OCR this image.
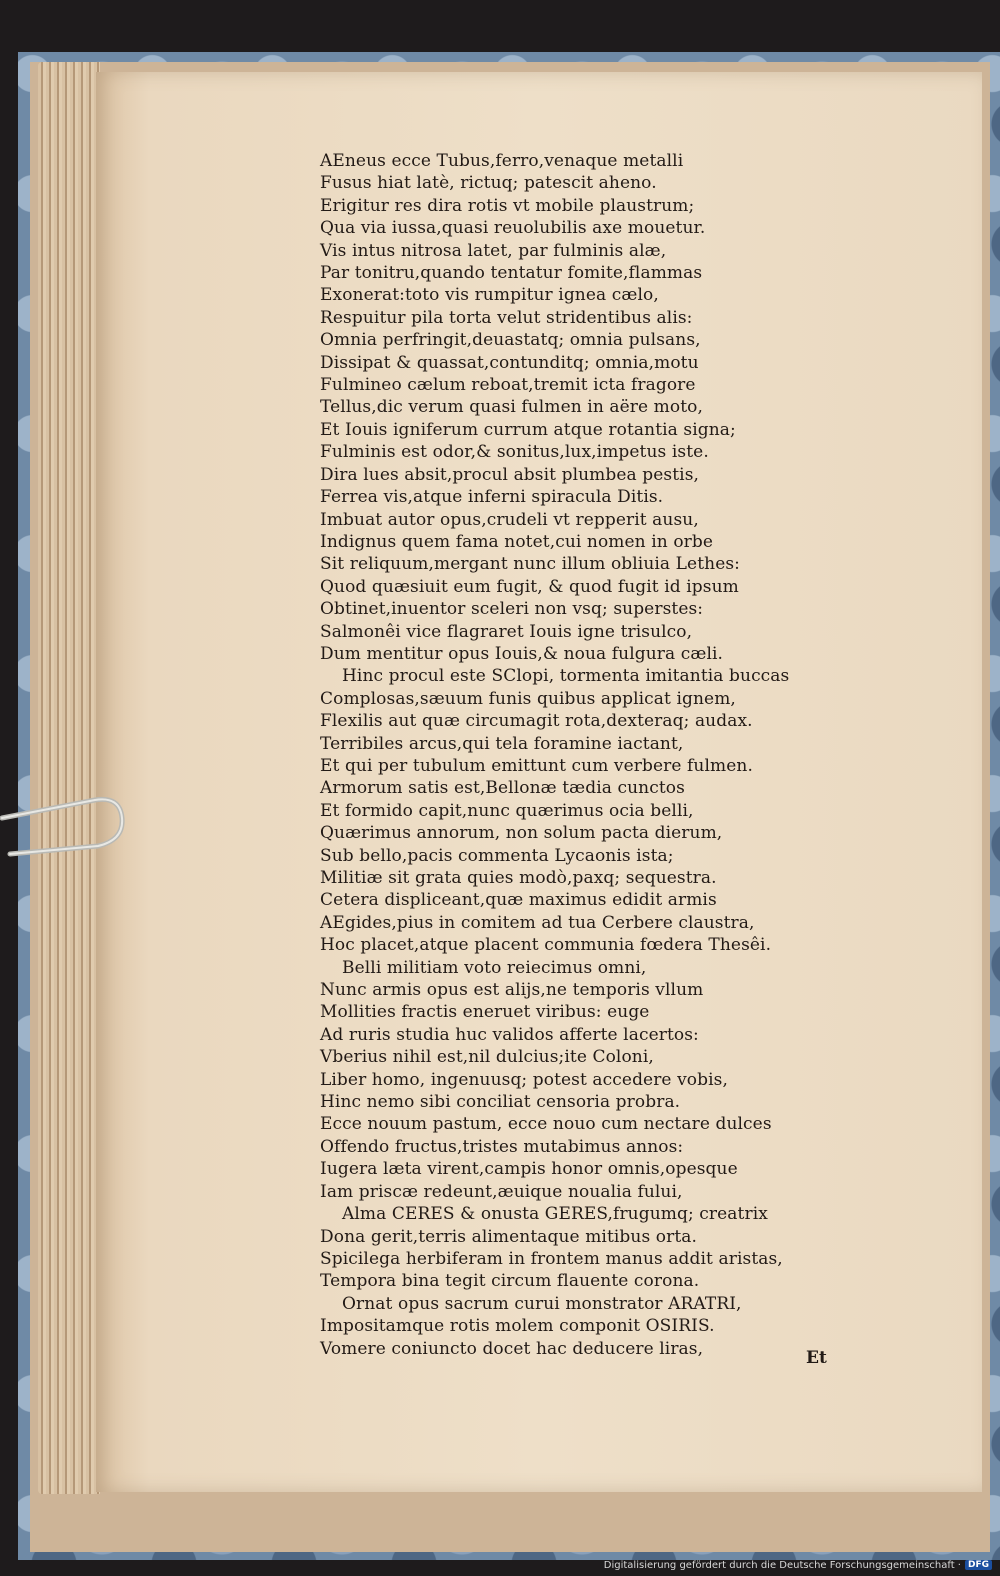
AEneus ecce Tubus,ferro,venaque metalli
Fusus hiat latè, rictuq; patescit aheno.
Erigitur res dira rotis vt mobile plaustrum;
Qua via iussa,quasi reuolubilis axe mouetur.
Vis intus nitrosa latet, par fulminis alæ,
Par tonitru,quando tentatur fomite,flammas
Exonerat:toto vis rumpitur ignea cælo,
Respuitur pila torta velut stridentibus alis:
Omnia perfringit,deuastatq; omnia pulsans,
Dissipat & quassat,contunditq; omnia,motu
Fulmineo cælum reboat,tremit icta fragore
Tellus,dic verum quasi fulmen in aëre moto,
Et Iouis igniferum currum atque rotantia signa;
Fulminis est odor,& sonitus,lux,impetus iste.
Dira lues absit,procul absit plumbea pestis,
Ferrea vis,atque inferni spiracula Ditis.
Imbuat autor opus,crudeli vt repperit ausu,
Indignus quem fama notet,cui nomen in orbe
Sit reliquum,mergant nunc illum obliuia Lethes:
Quod quæsiuit eum fugit, & quod fugit id ipsum
Obtinet,inuentor sceleri non vsq; superstes:
Salmonêi vice flagraret Iouis igne trisulco,
Dum mentitur opus Iouis,& noua fulgura cæli.
Hinc procul este SClopi, tormenta imitantia buccas
Complosas,sæuum funis quibus applicat ignem,
Flexilis aut quæ circumagit rota,dexteraq; audax.
Terribiles arcus,qui tela foramine iactant,
Et qui per tubulum emittunt cum verbere fulmen.
Armorum satis est,Bellonæ tædia cunctos
Et formido capit,nunc quærimus ocia belli,
Quærimus annorum, non solum pacta dierum,
Sub bello,pacis commenta Lycaonis ista;
Militiæ sit grata quies modò,paxq; sequestra.
Cetera displiceant,quæ maximus edidit armis
AEgides,pius in comitem ad tua Cerbere claustra,
Hoc placet,atque placent communia fœdera Thesêi.
Belli militiam voto reiecimus omni,
Nunc armis opus est alijs,ne temporis vllum
Mollities fractis eneruet viribus: euge
Ad ruris studia huc validos afferte lacertos:
Vberius nihil est,nil dulcius;ite Coloni,
Liber homo, ingenuusq; potest accedere vobis,
Hinc nemo sibi conciliat censoria probra.
Ecce nouum pastum, ecce nouo cum nectare dulces
Offendo fructus,tristes mutabimus annos:
Iugera læta virent,campis honor omnis,opesque
Iam priscæ redeunt,æuique noualia fului,
Alma CERES & onusta GERES,frugumq; creatrix
Dona gerit,terris alimentaque mitibus orta.
Spicilega herbiferam in frontem manus addit aristas,
Tempora bina tegit circum flauente corona.
Ornat opus sacrum curui monstrator ARATRI,
Impositamque rotis molem componit OSIRIS.
Vomere coniuncto docet hac deducere liras,	Et
Digitalisierung gefördert durch die Deutsche Forschungsgemeinschaft · DFG
